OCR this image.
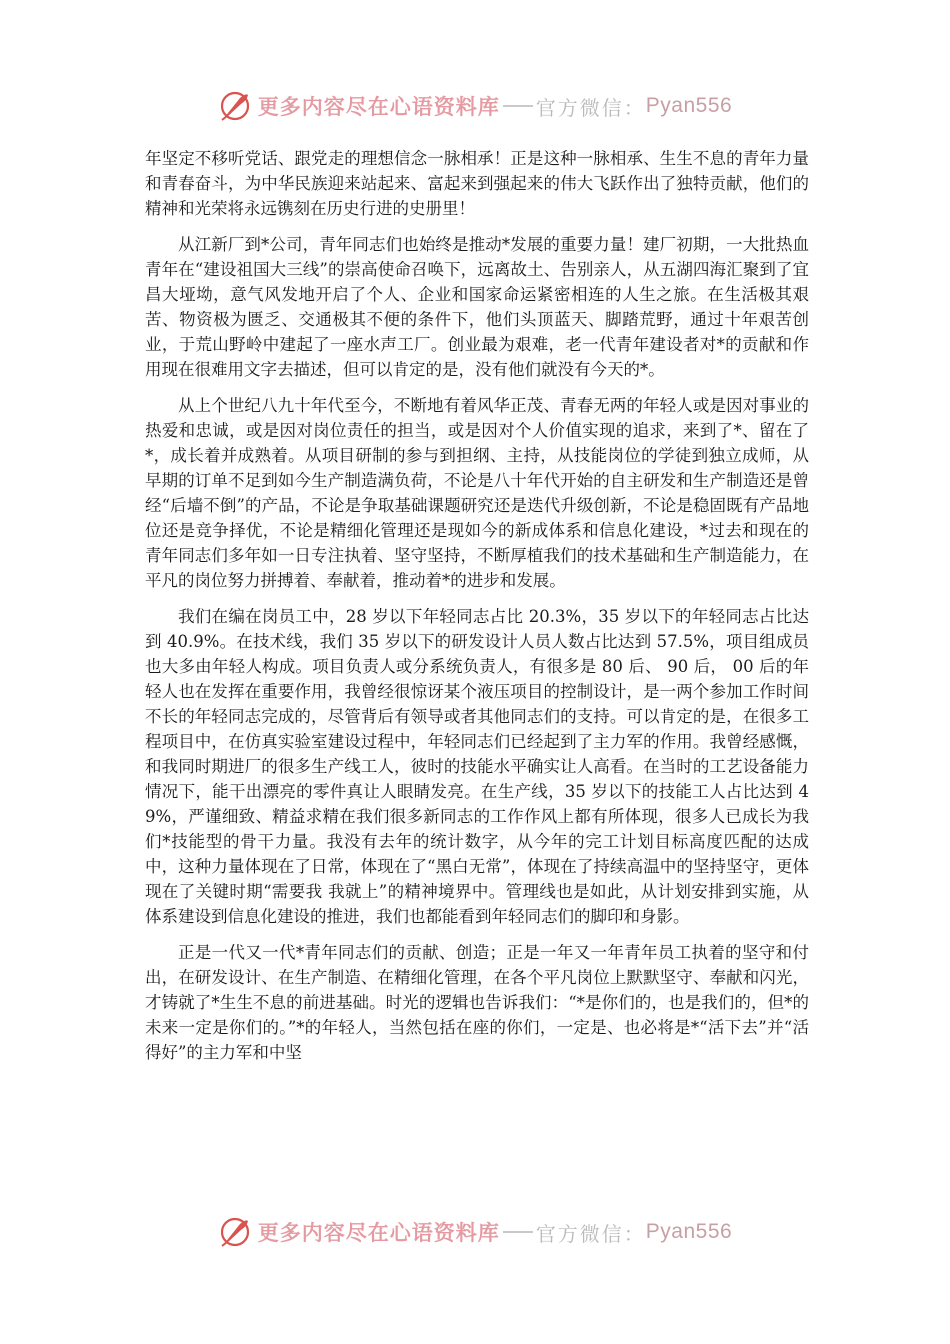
更多内容尽在心语资料库 官方微信： Pyan556

年坚定不移听党话、跟党走的理想信念一脉相承！正是这种一脉相承、生生不息的青年力量和青春奋斗，为中华民族迎来站起来、富起来到强起来的伟大飞跃作出了独特贡献，他们的精神和光荣将永远镌刻在历史行进的史册里！

从江新厂到*公司，青年同志们也始终是推动*发展的重要力量！建厂初期，一大批热血青年在“建设祖国大三线”的崇高使命召唤下，远离故土、告别亲人，从五湖四海汇聚到了宜昌大垭坳，意气风发地开启了个人、企业和国家命运紧密相连的人生之旅。在生活极其艰苦、物资极为匮乏、交通极其不便的条件下，他们头顶蓝天、脚踏荒野，通过十年艰苦创业，于荒山野岭中建起了一座水声工厂。创业最为艰难，老一代青年建设者对*的贡献和作用现在很难用文字去描述，但可以肯定的是，没有他们就没有今天的*。

从上个世纪八九十年代至今，不断地有着风华正茂、青春无两的年轻人或是因对事业的热爱和忠诚，或是因对岗位责任的担当，或是因对个人价值实现的追求，来到了*、留在了*，成长着并成熟着。从项目研制的参与到担纲、主持，从技能岗位的学徒到独立成师，从早期的订单不足到如今生产制造满负荷，不论是八十年代开始的自主研发和生产制造还是曾经“后墙不倒”的产品，不论是争取基础课题研究还是迭代升级创新，不论是稳固既有产品地位还是竞争择优，不论是精细化管理还是现如今的新成体系和信息化建设，*过去和现在的青年同志们多年如一日专注执着、坚守坚持，不断厚植我们的技术基础和生产制造能力，在平凡的岗位努力拼搏着、奉献着，推动着*的进步和发展。

我们在编在岗员工中，28 岁以下年轻同志占比 20.3%，35 岁以下的年轻同志占比达到 40.9%。在技术线，我们 35 岁以下的研发设计人员人数占比达到 57.5%，项目组成员也大多由年轻人构成。项目负责人或分系统负责人，有很多是 80 后、 90 后， 00 后的年轻人也在发挥在重要作用，我曾经很惊讶某个液压项目的控制设计，是一两个参加工作时间不长的年轻同志完成的，尽管背后有领导或者其他同志们的支持。可以肯定的是，在很多工程项目中，在仿真实验室建设过程中，年轻同志们已经起到了主力军的作用。我曾经感慨，和我同时期进厂的很多生产线工人，彼时的技能水平确实让人高看。在当时的工艺设备能力情况下，能干出漂亮的零件真让人眼睛发亮。在生产线，35 岁以下的技能工人占比达到 49%，严谨细致、精益求精在我们很多新同志的工作作风上都有所体现，很多人已成长为我们*技能型的骨干力量。我没有去年的统计数字，从今年的完工计划目标高度匹配的达成中，这种力量体现在了日常，体现在了“黑白无常”，体现在了持续高温中的坚持坚守，更体现在了关键时期“需要我 我就上”的精神境界中。管理线也是如此，从计划安排到实施，从体系建设到信息化建设的推进，我们也都能看到年轻同志们的脚印和身影。

正是一代又一代*青年同志们的贡献、创造；正是一年又一年青年员工执着的坚守和付出，在研发设计、在生产制造、在精细化管理，在各个平凡岗位上默默坚守、奉献和闪光，才铸就了*生生不息的前进基础。时光的逻辑也告诉我们：“*是你们的，也是我们的，但*的未来一定是你们的。”*的年轻人，当然包括在座的你们，一定是、也必将是*“活下去”并“活得好”的主力军和中坚

更多内容尽在心语资料库 官方微信： Pyan556
